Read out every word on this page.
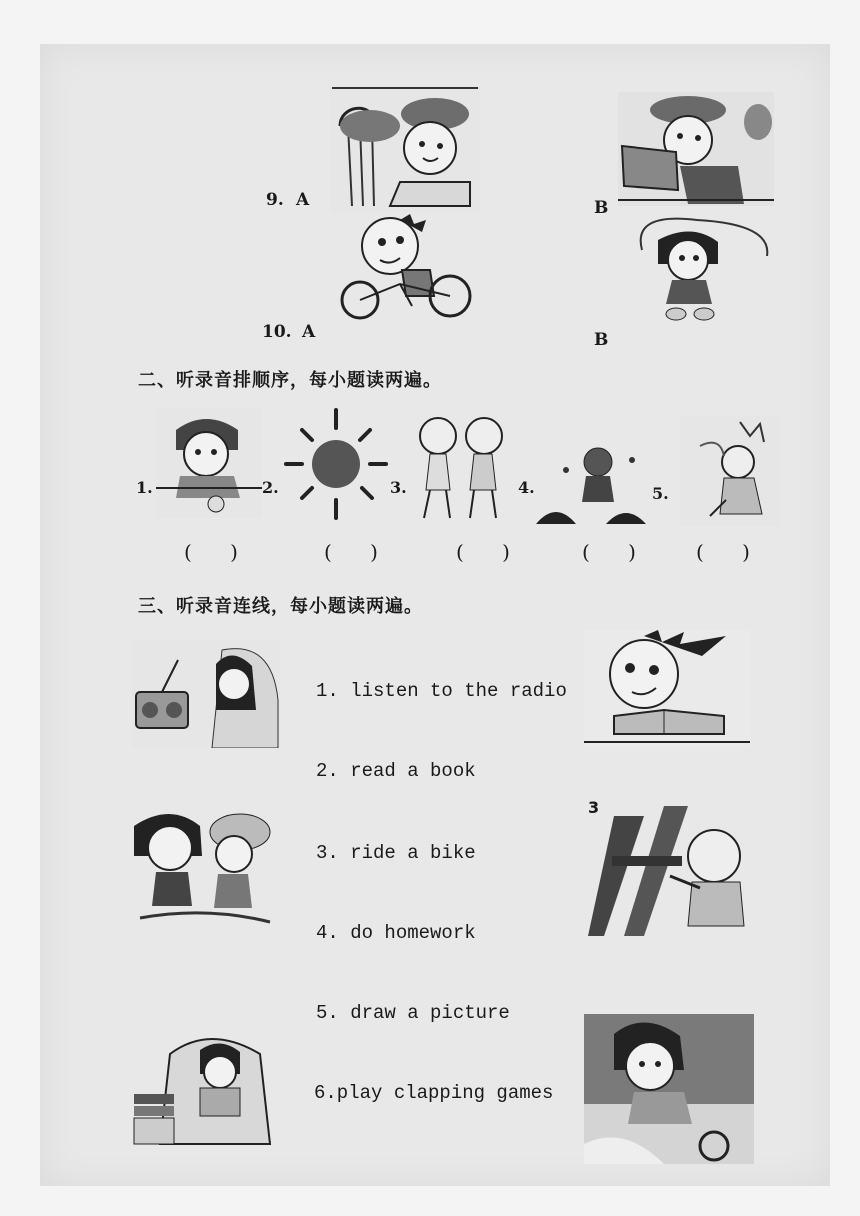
9. A	B
10. A	B
二、听录音排顺序，每小题读两遍。
1.	2.	3.	4.	5.
( )	( )	( )	( ) ( )
三、听录音连线，每小题读两遍。
1. listen to the radio
2. read a book
3. ride a bike
4. do homework
5. draw a picture
6.play clapping games
3
